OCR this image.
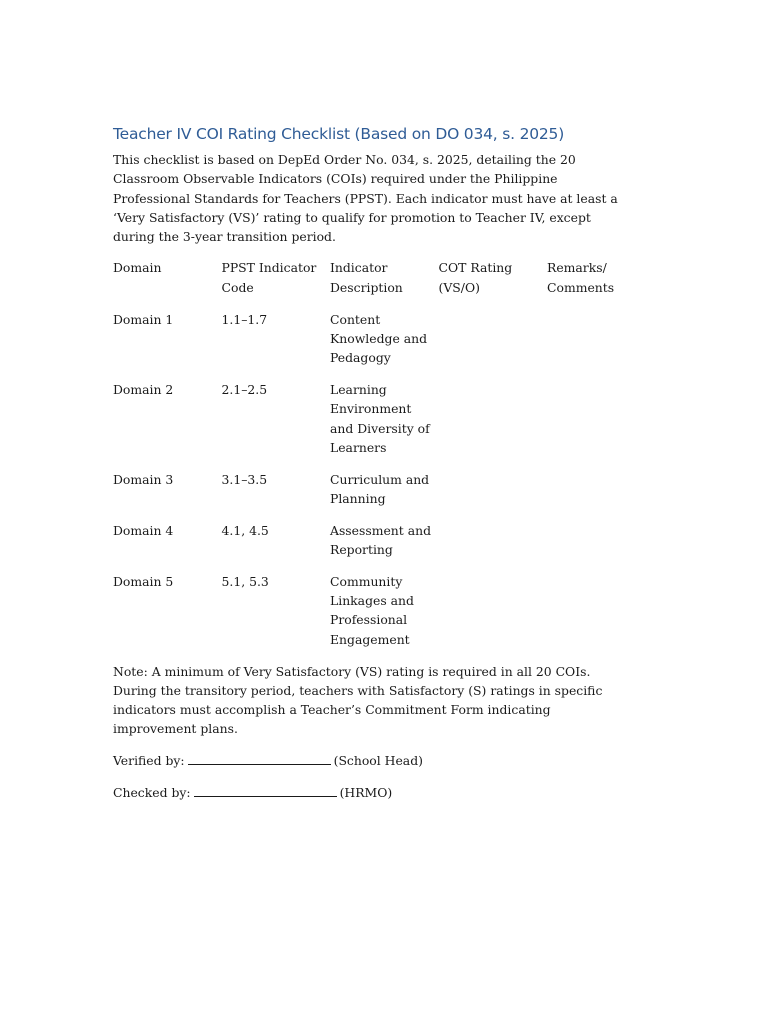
Teacher IV COI Rating Checklist (Based on DO 034, s. 2025)

This checklist is based on DepEd Order No. 034, s. 2025, detailing the 20 Classroom Observable Indicators (COIs) required under the Philippine Professional Standards for Teachers (PPST). Each indicator must have at least a ‘Very Satisfactory (VS)’ rating to qualify for promotion to Teacher IV, except during the 3-year transition period.

Domain	PPST Indicator Code	Indicator Description	COT Rating (VS/O)	Remarks/ Comments
Domain 1	1.1–1.7	Content Knowledge and Pedagogy		
Domain 2	2.1–2.5	Learning Environment and Diversity of Learners		
Domain 3	3.1–3.5	Curriculum and Planning		
Domain 4	4.1, 4.5	Assessment and Reporting		
Domain 5	5.1, 5.3	Community Linkages and Professional Engagement		

Note: A minimum of Very Satisfactory (VS) rating is required in all 20 COIs. During the transitory period, teachers with Satisfactory (S) ratings in specific indicators must accomplish a Teacher’s Commitment Form indicating improvement plans.

Verified by:	(School Head)

Checked by:	(HRMO)
